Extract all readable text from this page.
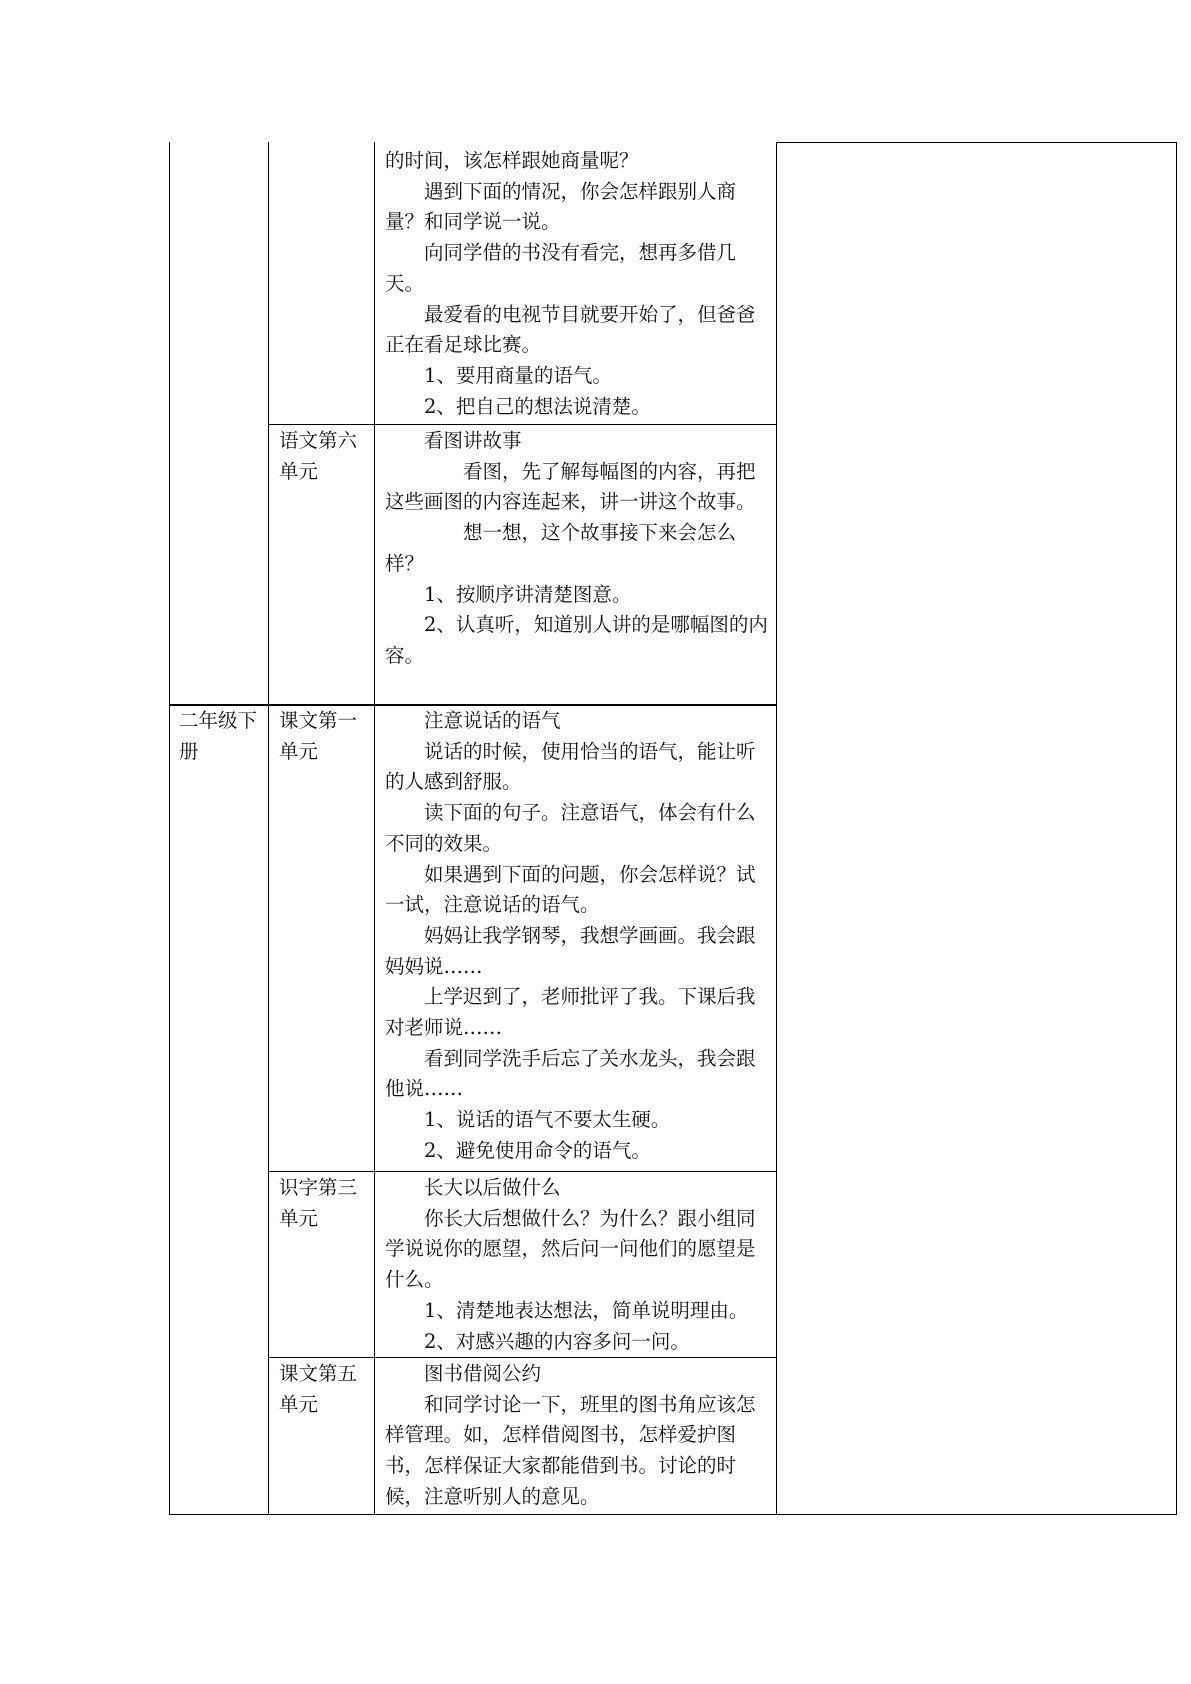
的时间，该怎样跟她商量呢？

遇到下面的情况，你会怎样跟别人商量？和同学说一说。

向同学借的书没有看完，想再多借几天。

最爱看的电视节目就要开始了，但爸爸正在看足球比赛。

1、要用商量的语气。

2、把自己的想法说清楚。

语文第六单元

看图讲故事

看图，先了解每幅图的内容，再把这些画图的内容连起来，讲一讲这个故事。

想一想，这个故事接下来会怎么样？

1、按顺序讲清楚图意。

2、认真听，知道别人讲的是哪幅图的内容。

二年级下册

课文第一单元

注意说话的语气

说话的时候，使用恰当的语气，能让听的人感到舒服。

读下面的句子。注意语气，体会有什么不同的效果。

如果遇到下面的问题，你会怎样说？试一试，注意说话的语气。

妈妈让我学钢琴，我想学画画。我会跟妈妈说……

上学迟到了，老师批评了我。下课后我对老师说……

看到同学洗手后忘了关水龙头，我会跟他说……

1、说话的语气不要太生硬。

2、避免使用命令的语气。

识字第三单元

长大以后做什么

你长大后想做什么？为什么？跟小组同学说说你的愿望，然后问一问他们的愿望是什么。

1、清楚地表达想法，简单说明理由。

2、对感兴趣的内容多问一问。

课文第五单元

图书借阅公约

和同学讨论一下，班里的图书角应该怎样管理。如，怎样借阅图书，怎样爱护图书，怎样保证大家都能借到书。讨论的时候，注意听别人的意见。
